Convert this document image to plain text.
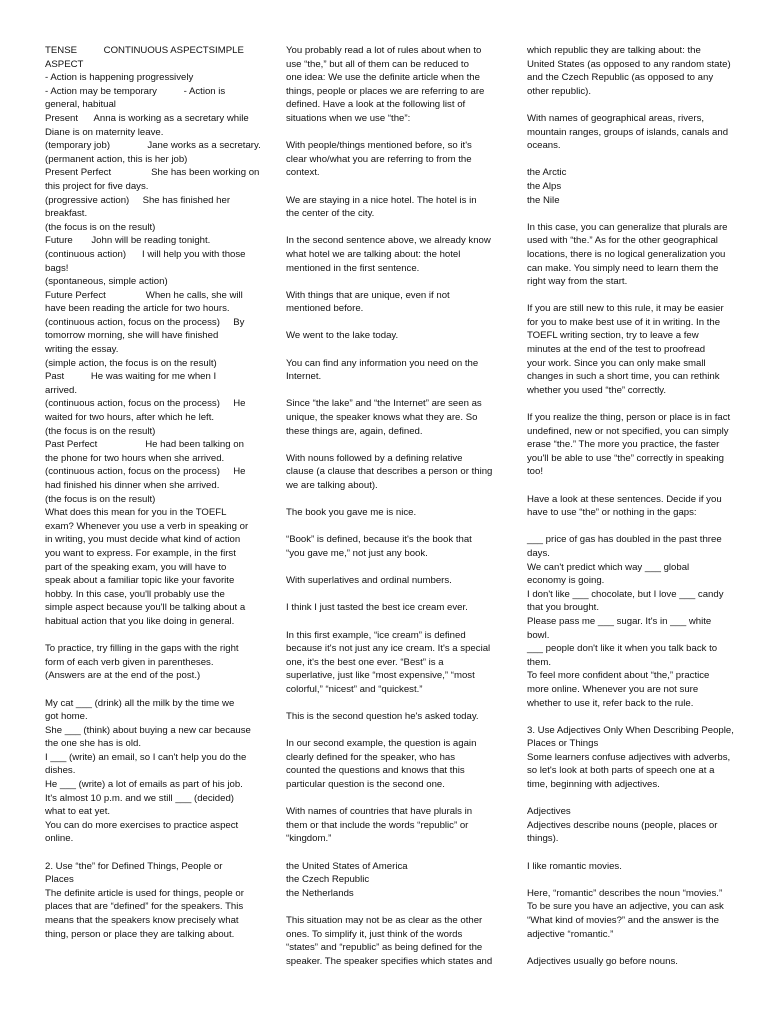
TENSE          CONTINUOUS ASPECTSIMPLE
ASPECT
- Action is happening progressively
- Action may be temporary          - Action is
general, habitual
Present      Anna is working as a secretary while
Diane is on maternity leave.
(temporary job)              Jane works as a secretary.
(permanent action, this is her job)
Present Perfect               She has been working on
this project for five days.
(progressive action)     She has finished her
breakfast.
(the focus is on the result)
Future       John will be reading tonight.
(continuous action)      I will help you with those
bags!
(spontaneous, simple action)
Future Perfect               When he calls, she will
have been reading the article for two hours.
(continuous action, focus on the process)     By
tomorrow morning, she will have finished
writing the essay.
(simple action, the focus is on the result)
Past          He was waiting for me when I
arrived.
(continuous action, focus on the process)     He
waited for two hours, after which he left.
(the focus is on the result)
Past Perfect                  He had been talking on
the phone for two hours when she arrived.
(continuous action, focus on the process)     He
had finished his dinner when she arrived.
(the focus is on the result)
What does this mean for you in the TOEFL
exam? Whenever you use a verb in speaking or
in writing, you must decide what kind of action
you want to express. For example, in the first
part of the speaking exam, you will have to
speak about a familiar topic like your favorite
hobby. In this case, you'll probably use the
simple aspect because you'll be talking about a
habitual action that you like doing in general.
To practice, try filling in the gaps with the right
form of each verb given in parentheses.
(Answers are at the end of the post.)
My cat ___ (drink) all the milk by the time we
got home.
She ___ (think) about buying a new car because
the one she has is old.
I ___ (write) an email, so I can't help you do the
dishes.
He ___ (write) a lot of emails as part of his job.
It's almost 10 p.m. and we still ___ (decided)
what to eat yet.
You can do more exercises to practice aspect
online.
2. Use “the” for Defined Things, People or
Places
The definite article is used for things, people or
places that are “defined” for the speakers. This
means that the speakers know precisely what
thing, person or place they are talking about.
You probably read a lot of rules about when to
use “the,” but all of them can be reduced to
one idea: We use the definite article when the
things, people or places we are referring to are
defined. Have a look at the following list of
situations when we use “the”:
With people/things mentioned before, so it's
clear who/what you are referring to from the
context.
We are staying in a nice hotel. The hotel is in
the center of the city.
In the second sentence above, we already know
what hotel we are talking about: the hotel
mentioned in the first sentence.
With things that are unique, even if not
mentioned before.
We went to the lake today.
You can find any information you need on the
Internet.
Since “the lake” and “the Internet” are seen as
unique, the speaker knows what they are. So
these things are, again, defined.
With nouns followed by a defining relative
clause (a clause that describes a person or thing
we are talking about).
The book you gave me is nice.
“Book” is defined, because it's the book that
“you gave me,” not just any book.
With superlatives and ordinal numbers.
I think I just tasted the best ice cream ever.
In this first example, “ice cream” is defined
because it's not just any ice cream. It's a special
one, it's the best one ever. “Best” is a
superlative, just like “most expensive,” “most
colorful,” “nicest” and “quickest.”
This is the second question he's asked today.
In our second example, the question is again
clearly defined for the speaker, who has
counted the questions and knows that this
particular question is the second one.
With names of countries that have plurals in
them or that include the words “republic” or
“kingdom.”
the United States of America
the Czech Republic
the Netherlands
This situation may not be as clear as the other
ones. To simplify it, just think of the words
“states” and “republic” as being defined for the
speaker. The speaker specifies which states and
which republic they are talking about: the
United States (as opposed to any random state)
and the Czech Republic (as opposed to any
other republic).
With names of geographical areas, rivers,
mountain ranges, groups of islands, canals and
oceans.
the Arctic
the Alps
the Nile
In this case, you can generalize that plurals are
used with “the.” As for the other geographical
locations, there is no logical generalization you
can make. You simply need to learn them the
right way from the start.
If you are still new to this rule, it may be easier
for you to make best use of it in writing. In the
TOEFL writing section, try to leave a few
minutes at the end of the test to proofread
your work. Since you can only make small
changes in such a short time, you can rethink
whether you used “the” correctly.
If you realize the thing, person or place is in fact
undefined, new or not specified, you can simply
erase “the.” The more you practice, the faster
you'll be able to use “the” correctly in speaking
too!
Have a look at these sentences. Decide if you
have to use “the” or nothing in the gaps:
___ price of gas has doubled in the past three
days.
We can't predict which way ___ global
economy is going.
I don't like ___ chocolate, but I love ___ candy
that you brought.
Please pass me ___ sugar. It's in ___ white
bowl.
___ people don't like it when you talk back to
them.
To feel more confident about “the,” practice
more online. Whenever you are not sure
whether to use it, refer back to the rule.
3. Use Adjectives Only When Describing People,
Places or Things
Some learners confuse adjectives with adverbs,
so let's look at both parts of speech one at a
time, beginning with adjectives.
Adjectives
Adjectives describe nouns (people, places or
things).
I like romantic movies.
Here, “romantic” describes the noun “movies.”
To be sure you have an adjective, you can ask
“What kind of movies?” and the answer is the
adjective “romantic.”
Adjectives usually go before nouns.
